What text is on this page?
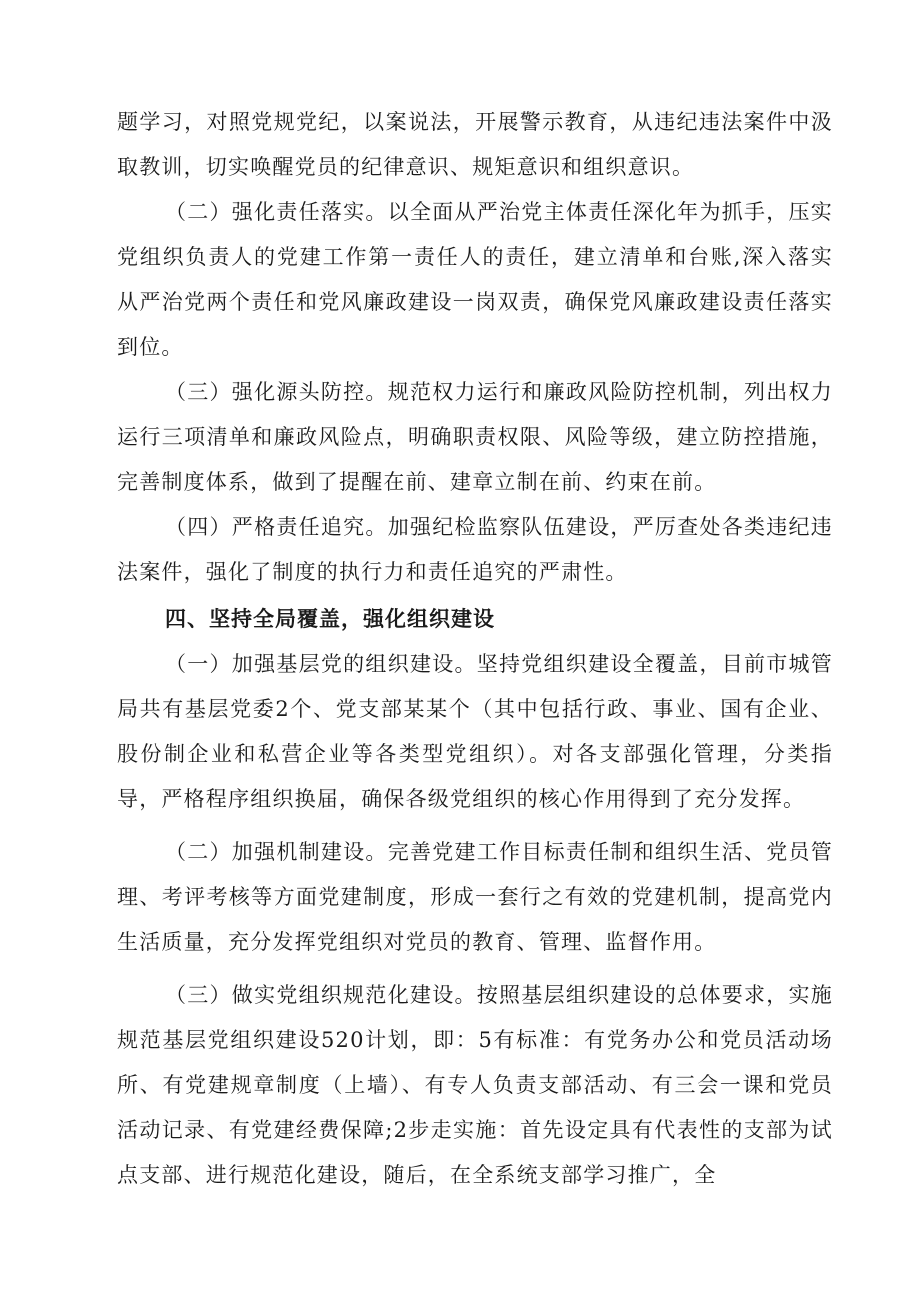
题学习，对照党规党纪，以案说法，开展警示教育，从违纪违法案件中汲取教训，切实唤醒党员的纪律意识、规矩意识和组织意识。

（二）强化责任落实。以全面从严治党主体责任深化年为抓手，压实党组织负责人的党建工作第一责任人的责任，建立清单和台账,深入落实从严治党两个责任和党风廉政建设一岗双责，确保党风廉政建设责任落实到位。

（三）强化源头防控。规范权力运行和廉政风险防控机制，列出权力运行三项清单和廉政风险点，明确职责权限、风险等级，建立防控措施，完善制度体系，做到了提醒在前、建章立制在前、约束在前。

（四）严格责任追究。加强纪检监察队伍建设，严厉查处各类违纪违法案件，强化了制度的执行力和责任追究的严肃性。

四、坚持全局覆盖，强化组织建设

（一）加强基层党的组织建设。坚持党组织建设全覆盖，目前市城管局共有基层党委2个、党支部某某个（其中包括行政、事业、国有企业、股份制企业和私营企业等各类型党组织）。对各支部强化管理，分类指导，严格程序组织换届，确保各级党组织的核心作用得到了充分发挥。

（二）加强机制建设。完善党建工作目标责任制和组织生活、党员管理、考评考核等方面党建制度，形成一套行之有效的党建机制，提高党内生活质量，充分发挥党组织对党员的教育、管理、监督作用。

（三）做实党组织规范化建设。按照基层组织建设的总体要求，实施规范基层党组织建设520计划，即：5有标准：有党务办公和党员活动场所、有党建规章制度（上墙）、有专人负责支部活动、有三会一课和党员活动记录、有党建经费保障;2步走实施：首先设定具有代表性的支部为试点支部、进行规范化建设，随后，在全系统支部学习推广，全
